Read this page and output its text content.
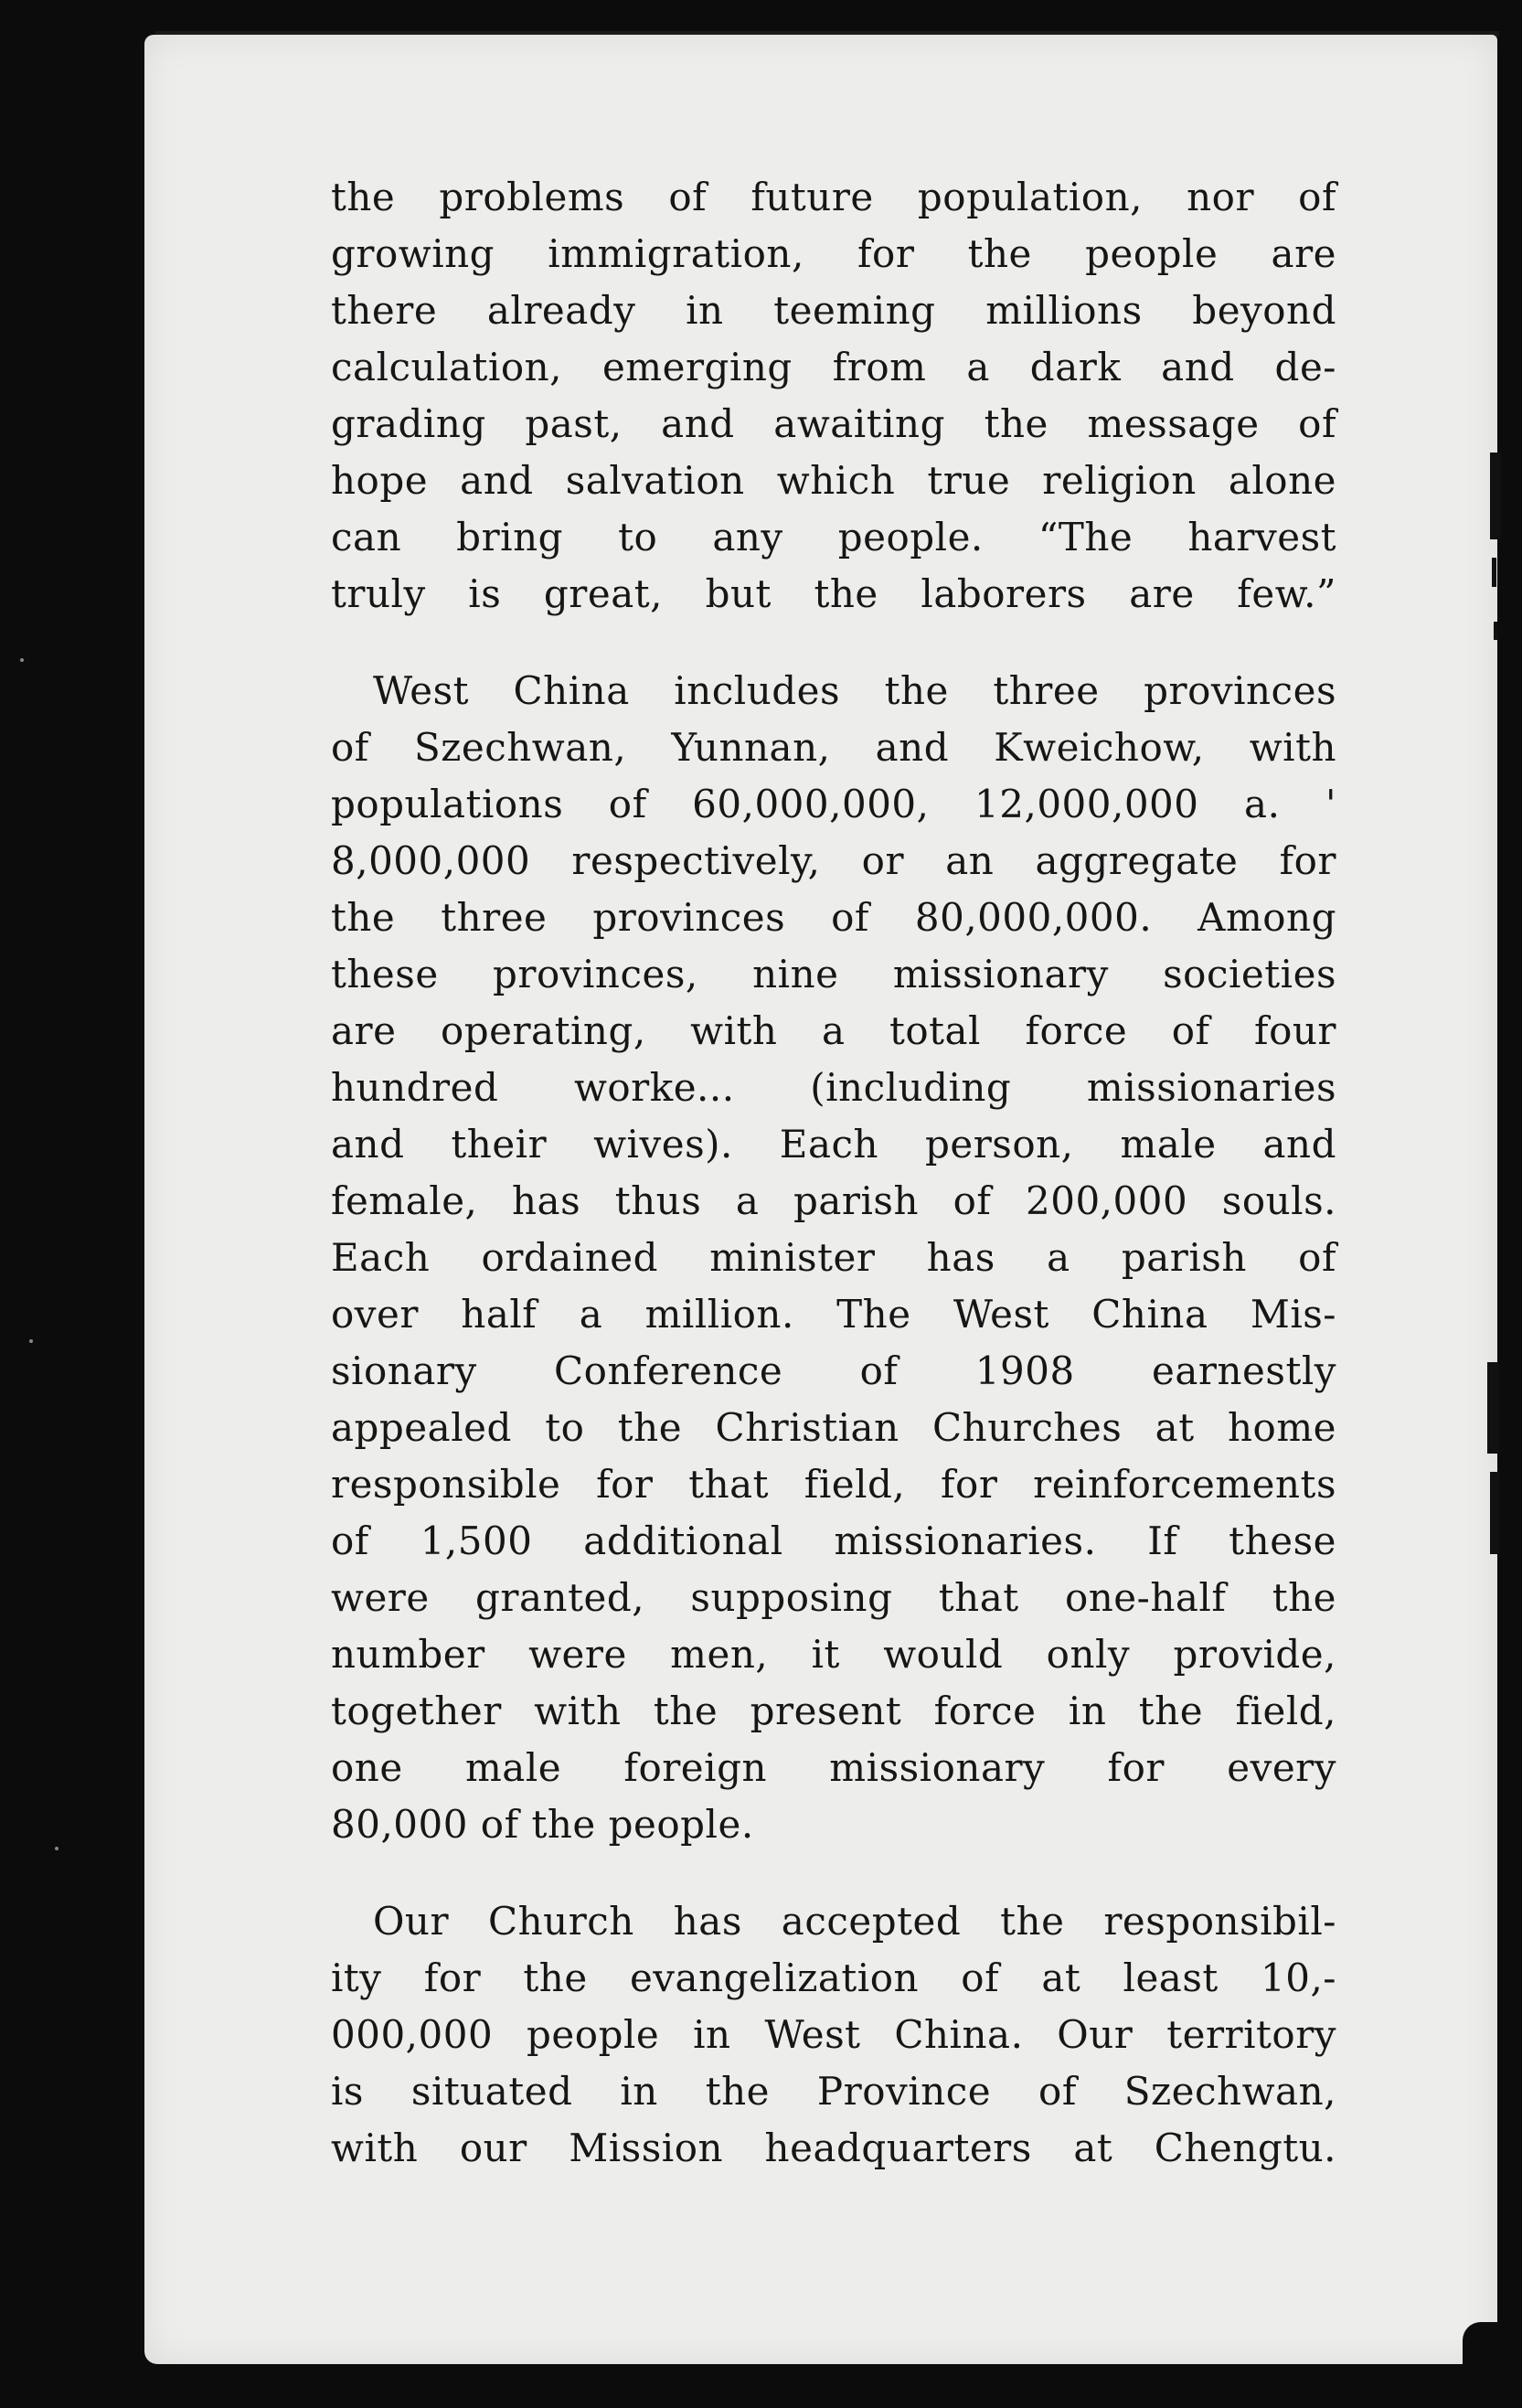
the problems of future population, nor of
growing immigration, for the people are
there already in teeming millions beyond
calculation, emerging from a dark and de-
grading past, and awaiting the message of
hope and salvation which true religion alone
can bring to any people. “The harvest
truly is great, but the laborers are few.”

West China includes the three provinces
of Szechwan, Yunnan, and Kweichow, with
populations of 60,000,000, 12,000,000 a. '
8,000,000 respectively, or an aggregate for
the three provinces of 80,000,000. Among
these provinces, nine missionary societies
are operating, with a total force of four
hundred worke... (including missionaries
and their wives). Each person, male and
female, has thus a parish of 200,000 souls.
Each ordained minister has a parish of
over half a million. The West China Mis-
sionary Conference of 1908 earnestly
appealed to the Christian Churches at home
responsible for that field, for reinforcements
of 1,500 additional missionaries. If these
were granted, supposing that one-half the
number were men, it would only provide,
together with the present force in the field,
one male foreign missionary for every
80,000 of the people.

Our Church has accepted the responsibil-
ity for the evangelization of at least 10,-
000,000 people in West China. Our territory
is situated in the Province of Szechwan,
with our Mission headquarters at Chengtu.
